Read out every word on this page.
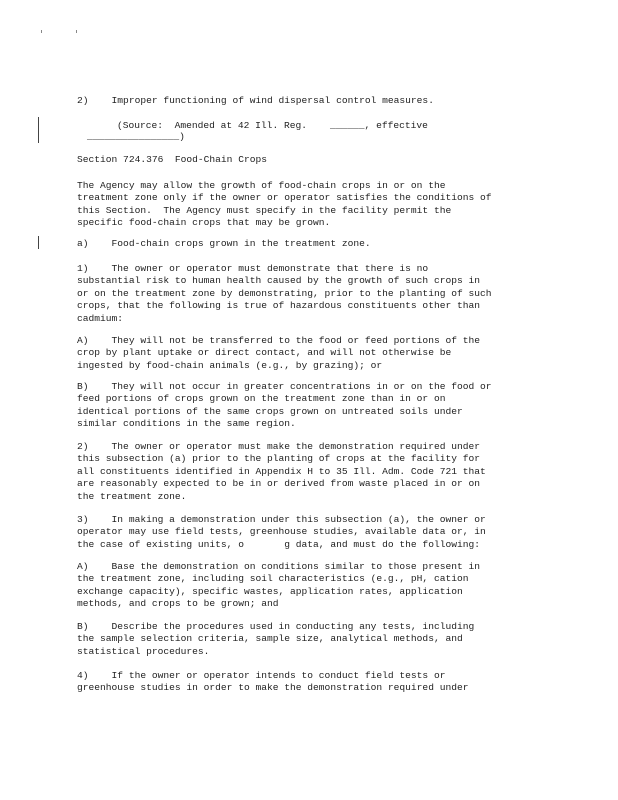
2)    Improper functioning of wind dispersal control measures.

(Source:  Amended at 42 Ill. Reg.    ______, effective

________________)

Section 724.376  Food-Chain Crops

The Agency may allow the growth of food-chain crops in or on the

treatment zone only if the owner or operator satisfies the conditions of

this Section.  The Agency must specify in the facility permit the

specific food-chain crops that may be grown.

a)    Food-chain crops grown in the treatment zone.

1)    The owner or operator must demonstrate that there is no

substantial risk to human health caused by the growth of such crops in

or on the treatment zone by demonstrating, prior to the planting of such

crops, that the following is true of hazardous constituents other than

cadmium:

A)    They will not be transferred to the food or feed portions of the

crop by plant uptake or direct contact, and will not otherwise be

ingested by food-chain animals (e.g., by grazing); or

B)    They will not occur in greater concentrations in or on the food or

feed portions of crops grown on the treatment zone than in or on

identical portions of the same crops grown on untreated soils under

similar conditions in the same region.

2)    The owner or operator must make the demonstration required under

this subsection (a) prior to the planting of crops at the facility for

all constituents identified in Appendix H to 35 Ill. Adm. Code 721 that

are reasonably expected to be in or derived from waste placed in or on

the treatment zone.

3)    In making a demonstration under this subsection (a), the owner or

operator may use field tests, greenhouse studies, available data or, in

the case of existing units, o       g data, and must do the following:

A)    Base the demonstration on conditions similar to those present in

the treatment zone, including soil characteristics (e.g., pH, cation

exchange capacity), specific wastes, application rates, application

methods, and crops to be grown; and

B)    Describe the procedures used in conducting any tests, including

the sample selection criteria, sample size, analytical methods, and

statistical procedures.

4)    If the owner or operator intends to conduct field tests or

greenhouse studies in order to make the demonstration required under
